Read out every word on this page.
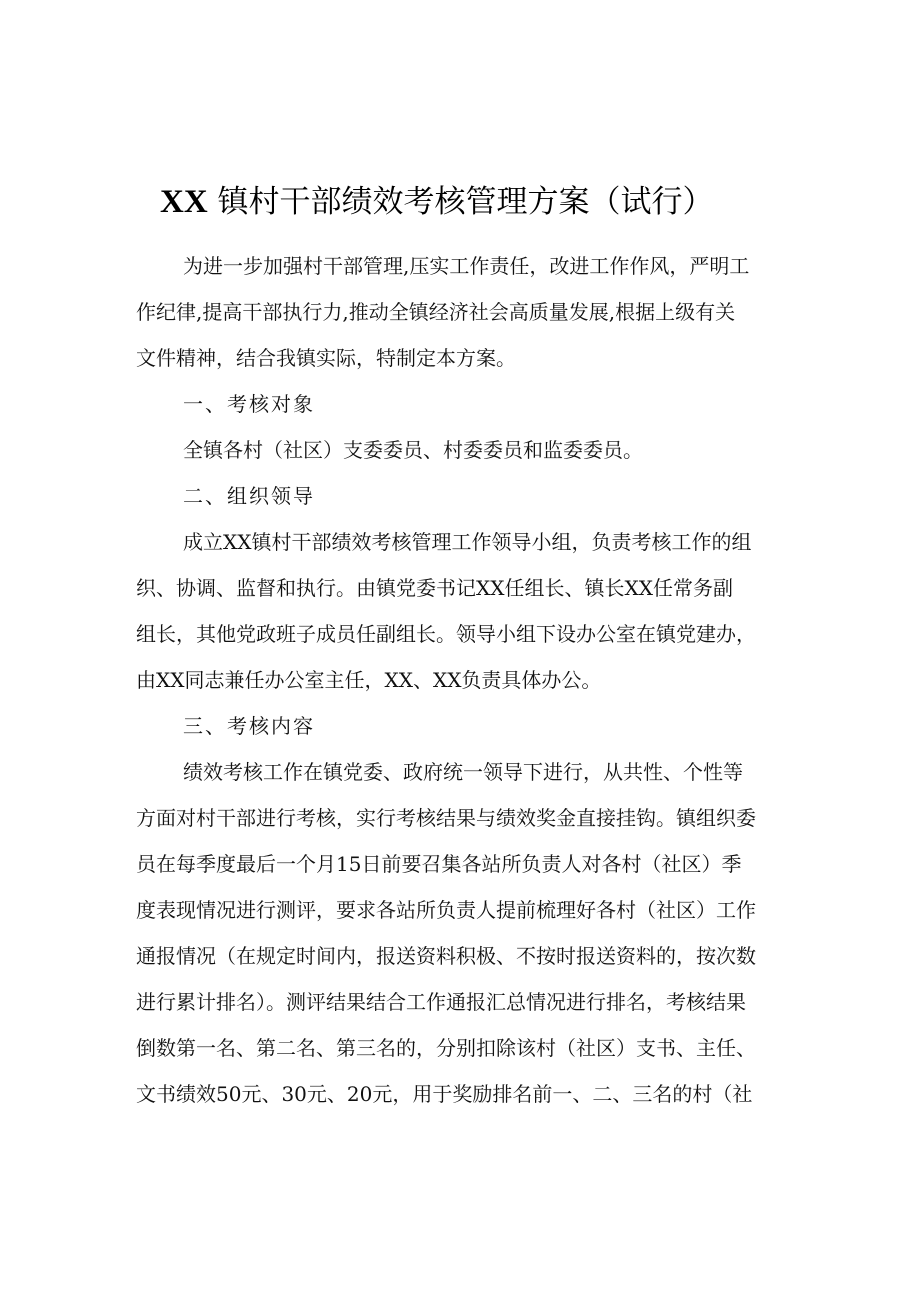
XX 镇村干部绩效考核管理方案（试行）

为进一步加强村干部管理,压实工作责任，改进工作作风，严明工

作纪律,提高干部执行力,推动全镇经济社会高质量发展,根据上级有关

文件精神，结合我镇实际，特制定本方案。

一、考核对象

全镇各村（社区）支委委员、村委委员和监委委员。

二、组织领导

成立XX镇村干部绩效考核管理工作领导小组，负责考核工作的组

织、协调、监督和执行。由镇党委书记XX任组长、镇长XX任常务副

组长，其他党政班子成员任副组长。领导小组下设办公室在镇党建办，

由XX同志兼任办公室主任，XX、XX负责具体办公。

三、考核内容

绩效考核工作在镇党委、政府统一领导下进行，从共性、个性等

方面对村干部进行考核，实行考核结果与绩效奖金直接挂钩。镇组织委

员在每季度最后一个月15日前要召集各站所负责人对各村（社区）季

度表现情况进行测评，要求各站所负责人提前梳理好各村（社区）工作

通报情况（在规定时间内，报送资料积极、不按时报送资料的，按次数

进行累计排名）。测评结果结合工作通报汇总情况进行排名，考核结果

倒数第一名、第二名、第三名的，分别扣除该村（社区）支书、主任、

文书绩效50元、30元、20元，用于奖励排名前一、二、三名的村（社
